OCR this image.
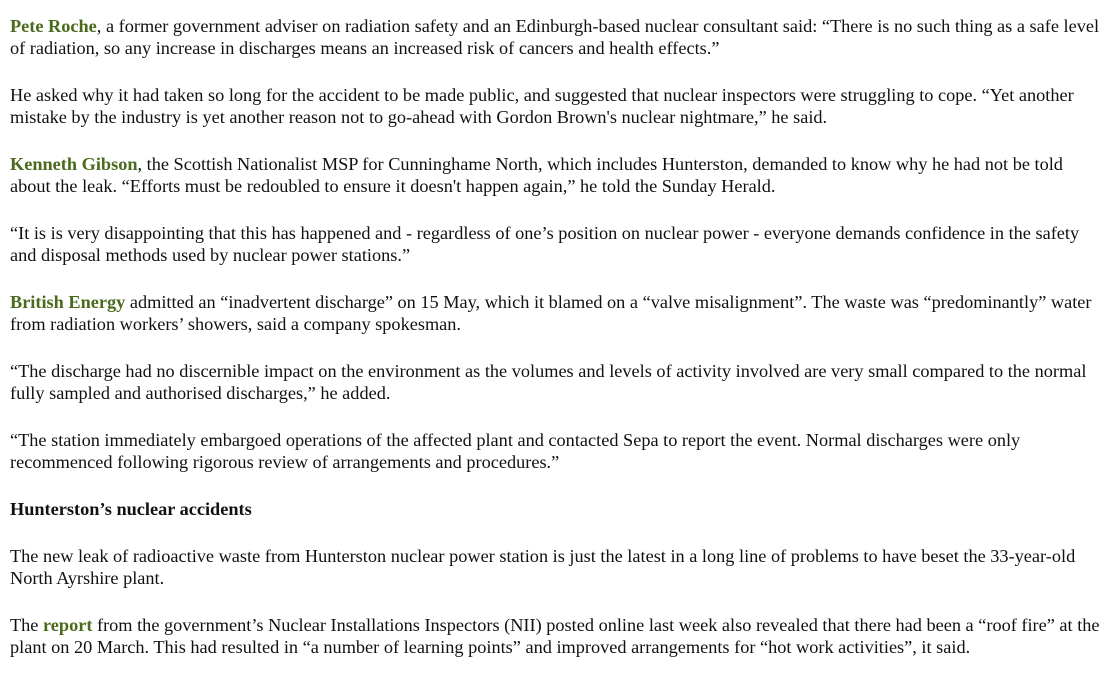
Pete Roche, a former government adviser on radiation safety and an Edinburgh-based nuclear consultant said: “There is no such thing as a safe level of radiation, so any increase in discharges means an increased risk of cancers and health effects.”

He asked why it had taken so long for the accident to be made public, and suggested that nuclear inspectors were struggling to cope. “Yet another mistake by the industry is yet another reason not to go-ahead with Gordon Brown's nuclear nightmare,” he said.

Kenneth Gibson, the Scottish Nationalist MSP for Cunninghame North, which includes Hunterston, demanded to know why he had not be told about the leak. “Efforts must be redoubled to ensure it doesn't happen again,” he told the Sunday Herald.

“It is is very disappointing that this has happened and - regardless of one’s position on nuclear power - everyone demands confidence in the safety and disposal methods used by nuclear power stations.”

British Energy admitted an “inadvertent discharge” on 15 May, which it blamed on a “valve misalignment”. The waste was “predominantly” water from radiation workers’ showers, said a company spokesman.

“The discharge had no discernible impact on the environment as the volumes and levels of activity involved are very small compared to the normal fully sampled and authorised discharges,” he added.

“The station immediately embargoed operations of the affected plant and contacted Sepa to report the event. Normal discharges were only recommenced following rigorous review of arrangements and procedures.”

Hunterston’s nuclear accidents

The new leak of radioactive waste from Hunterston nuclear power station is just the latest in a long line of problems to have beset the 33-year-old North Ayrshire plant.

The report from the government’s Nuclear Installations Inspectors (NII) posted online last week also revealed that there had been a “roof fire” at the plant on 20 March. This had resulted in “a number of learning points” and improved arrangements for “hot work activities”, it said.
